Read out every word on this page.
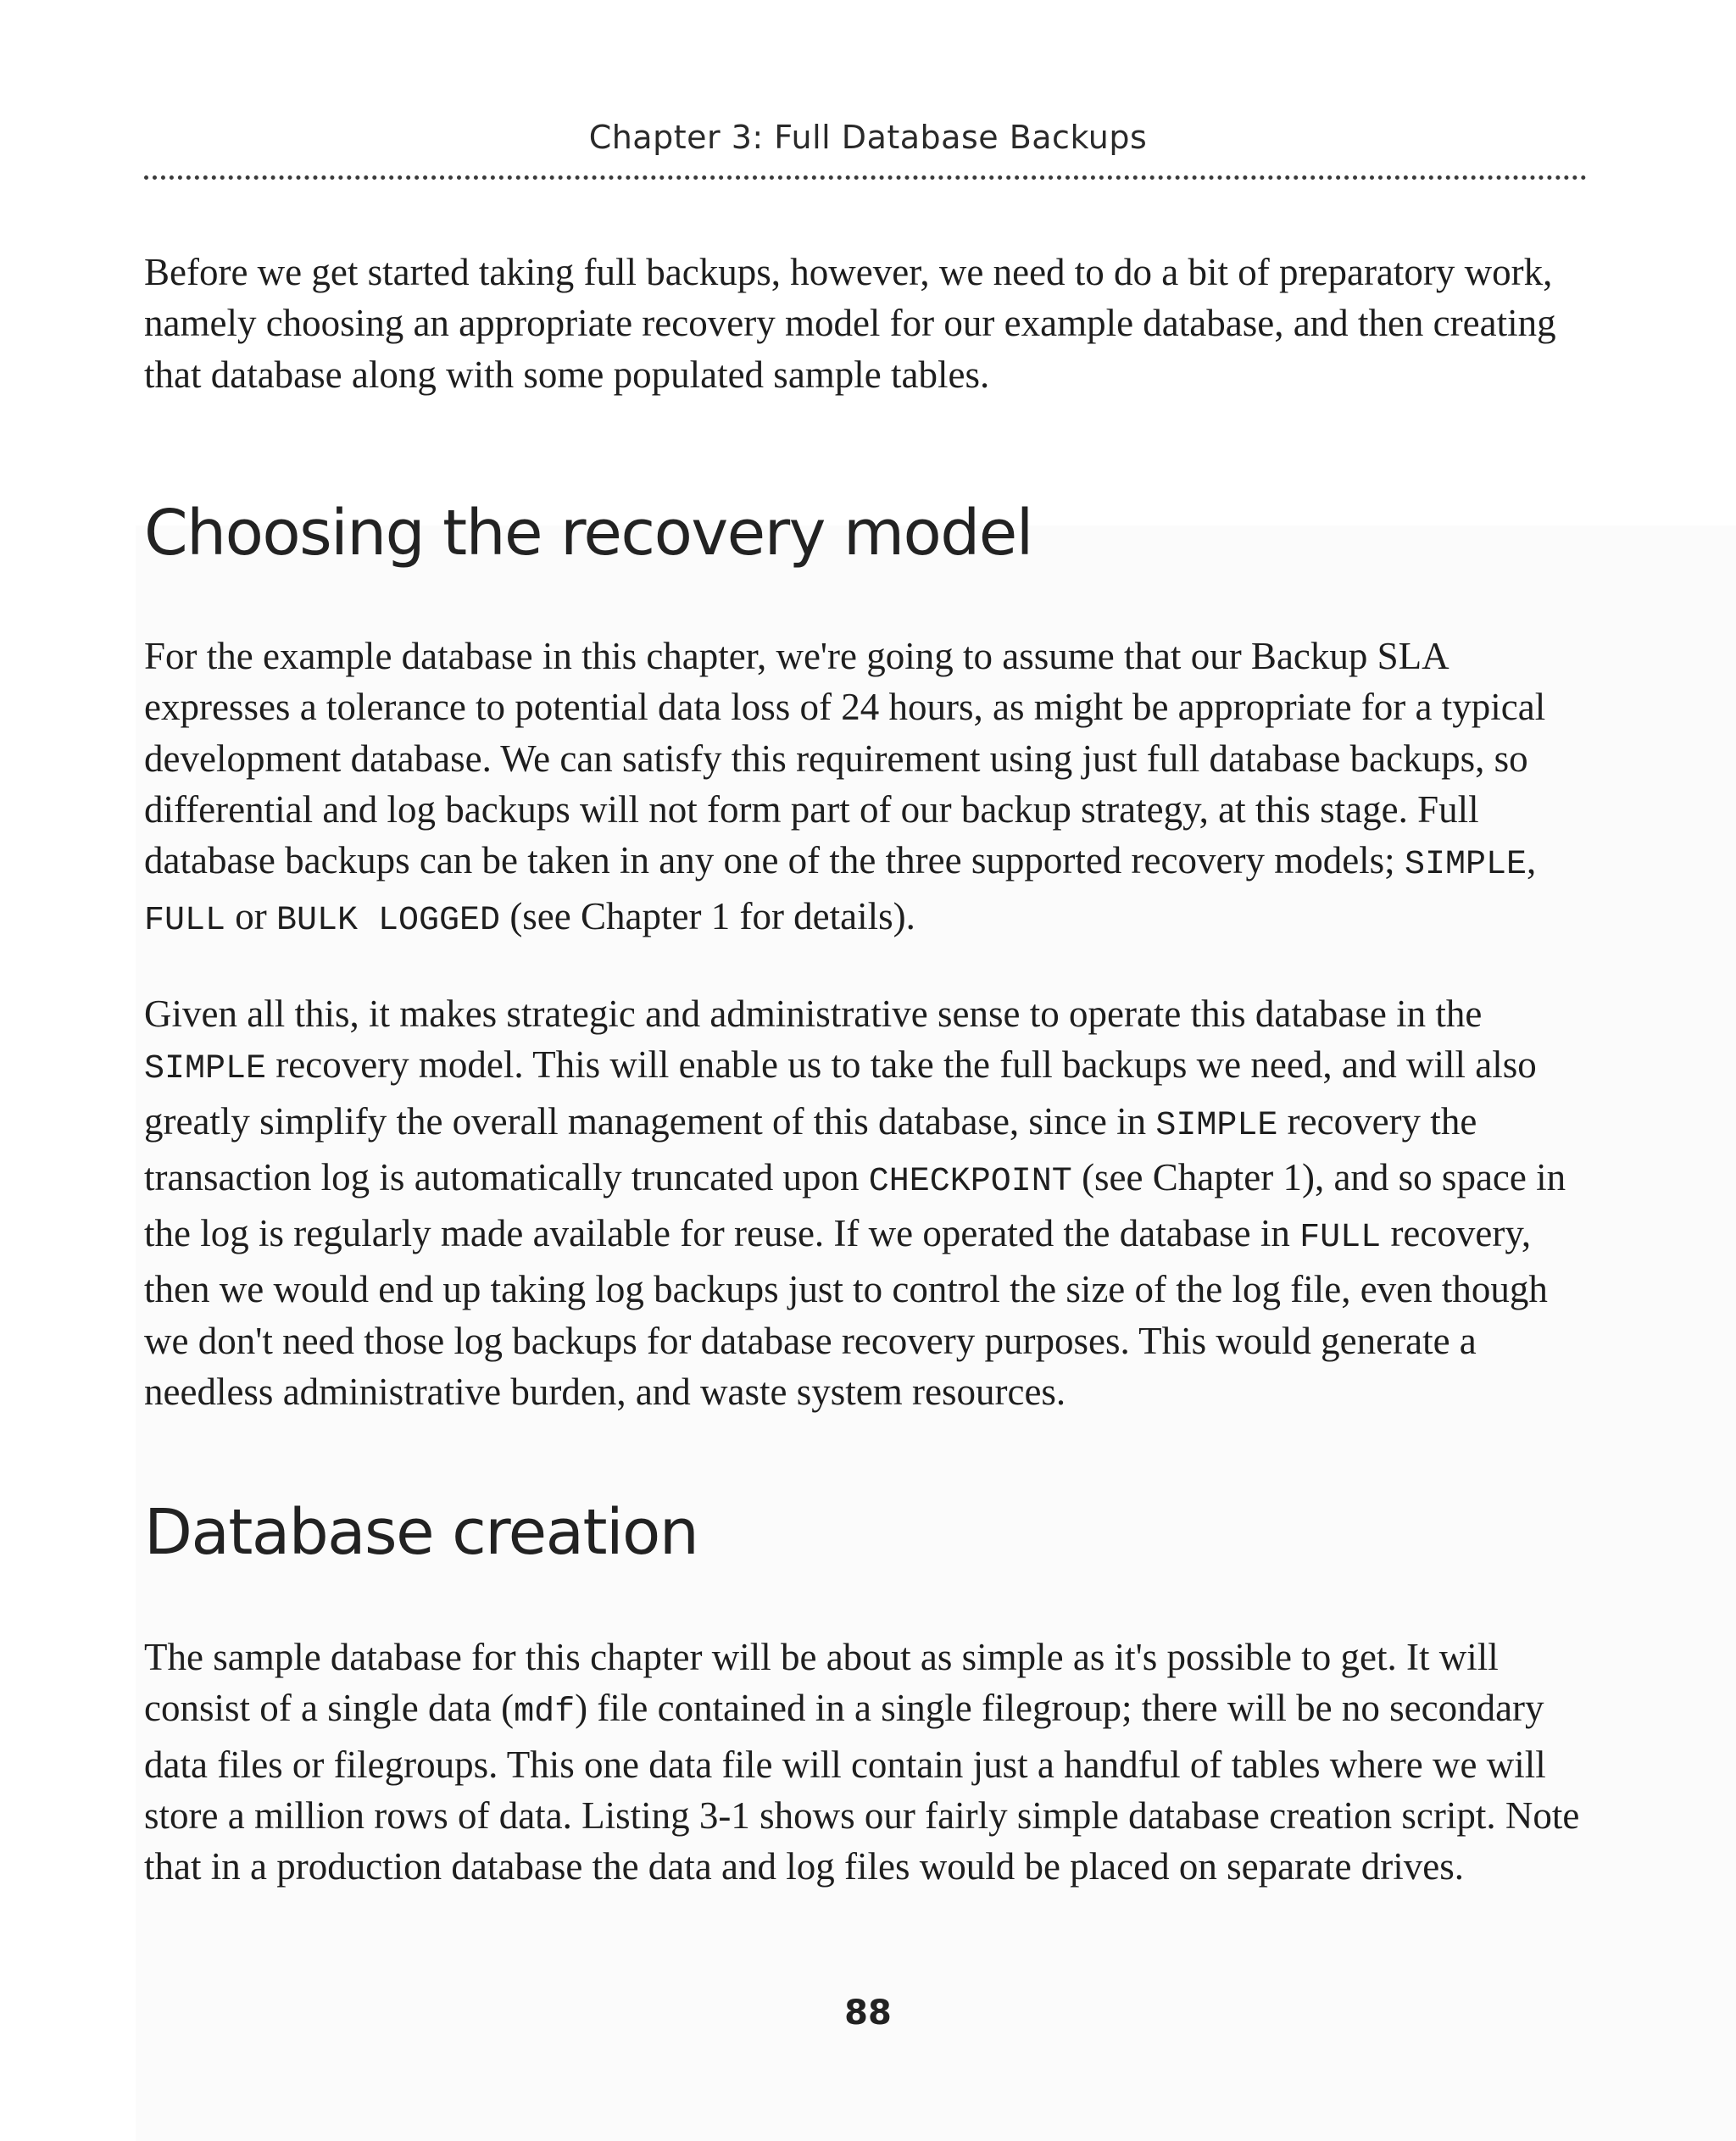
Chapter 3: Full Database Backups

Before we get started taking full backups, however, we need to do a bit of preparatory work, namely choosing an appropriate recovery model for our example database, and then creating that database along with some populated sample tables.

Choosing the recovery model

For the example database in this chapter, we're going to assume that our Backup SLA expresses a tolerance to potential data loss of 24 hours, as might be appropriate for a typical development database. We can satisfy this requirement using just full database backups, so differential and log backups will not form part of our backup strategy, at this stage. Full database backups can be taken in any one of the three supported recovery models; SIMPLE, FULL or BULK LOGGED (see Chapter 1 for details).

Given all this, it makes strategic and administrative sense to operate this database in the SIMPLE recovery model. This will enable us to take the full backups we need, and will also greatly simplify the overall management of this database, since in SIMPLE recovery the transaction log is automatically truncated upon CHECKPOINT (see Chapter 1), and so space in the log is regularly made available for reuse. If we operated the database in FULL recovery, then we would end up taking log backups just to control the size of the log file, even though we don't need those log backups for database recovery purposes. This would generate a needless administrative burden, and waste system resources.

Database creation

The sample database for this chapter will be about as simple as it's possible to get. It will consist of a single data (mdf) file contained in a single filegroup; there will be no secondary data files or filegroups. This one data file will contain just a handful of tables where we will store a million rows of data. Listing 3-1 shows our fairly simple database creation script. Note that in a production database the data and log files would be placed on separate drives.

88
